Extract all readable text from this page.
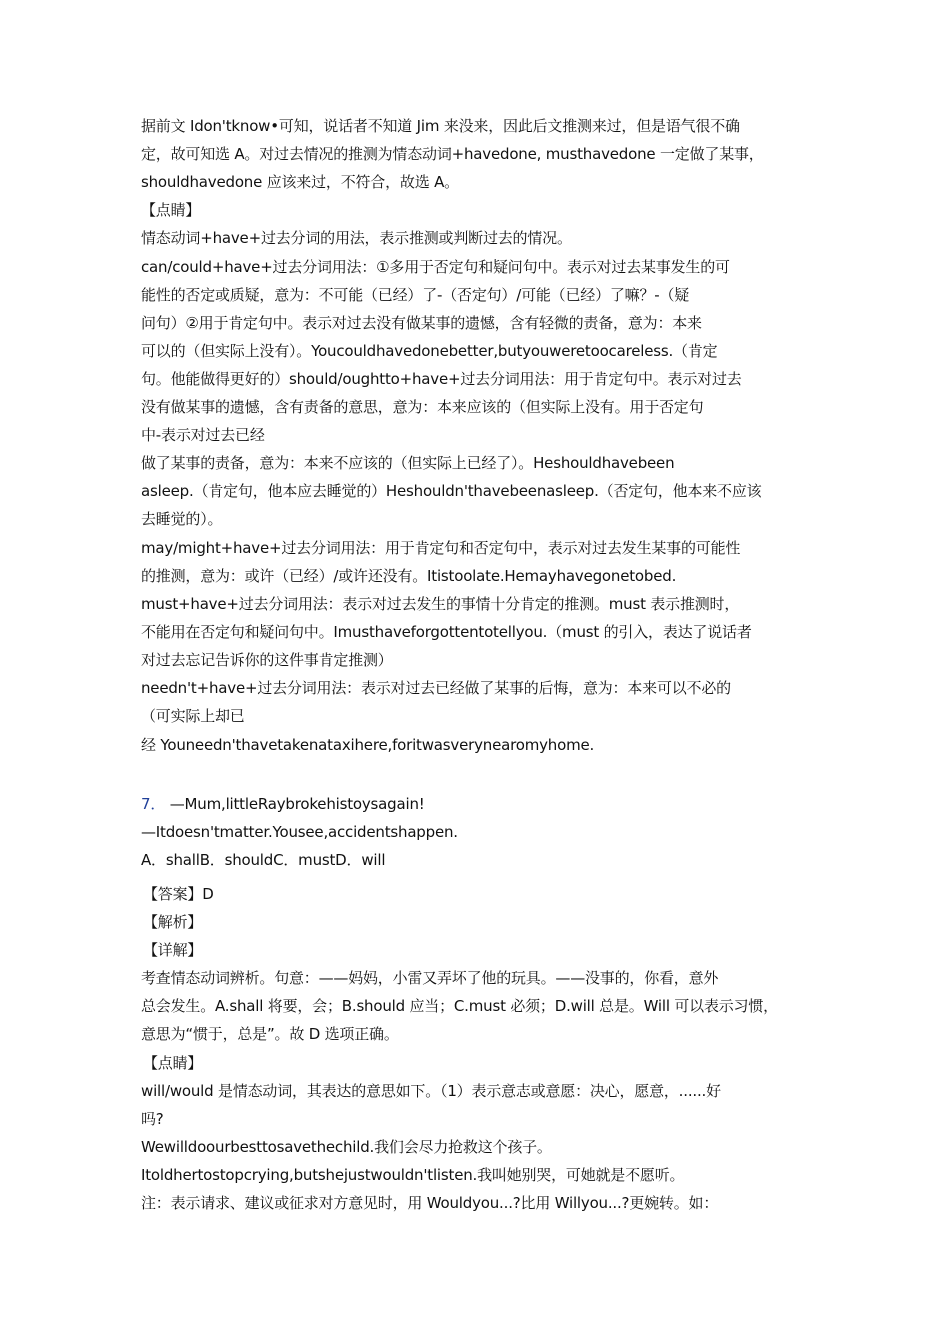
据前文 Idon'tknow•可知，说话者不知道 Jim 来没来，因此后文推测来过，但是语气很不确
定，故可知选 A。对过去情况的推测为情态动词+havedone, musthavedone 一定做了某事，
shouldhavedone 应该来过，不符合，故选 A。
【点睛】
情态动词+have+过去分词的用法，表示推测或判断过去的情况。
can/could+have+过去分词用法：①多用于否定句和疑问句中。表示对过去某事发生的可
能性的否定或质疑，意为：不可能（已经）了-（否定句）/可能（已经）了嘛？-（疑
问句）②用于肯定句中。表示对过去没有做某事的遗憾，含有轻微的责备，意为：本来
可以的（但实际上没有）。Youcouldhavedonebetter,butyouweretoocareless.（肯定
句。他能做得更好的）should/oughtto+have+过去分词用法：用于肯定句中。表示对过去
没有做某事的遗憾，含有责备的意思，意为：本来应该的（但实际上没有。用于否定句
中-表示对过去已经
做了某事的责备，意为：本来不应该的（但实际上已经了）。Heshouldhavebeen
asleep.（肯定句，他本应去睡觉的）Heshouldn'thavebeenasleep.（否定句，他本来不应该
去睡觉的）。
may/might+have+过去分词用法：用于肯定句和否定句中，表示对过去发生某事的可能性
的推测，意为：或许（已经）/或许还没有。Itistoolate.Hemayhavegonetobed.
must+have+过去分词用法：表示对过去发生的事情十分肯定的推测。must 表示推测时，
不能用在否定句和疑问句中。Imusthaveforgottentotellyou.（must 的引入，表达了说话者
对过去忘记告诉你的这件事肯定推测）
needn't+have+过去分词用法：表示对过去已经做了某事的后悔，意为：本来可以不必的
（可实际上却已
经 Youneedn'thavetakenataxihere,foritwasverynearomyhome.
7． —Mum,littleRaybrokehistoysagain!
—Itdoesn'tmatter.Yousee,accidentshappen.
A．shallB．shouldC．mustD．will
【答案】D
【解析】
【详解】
考查情态动词辨析。句意：——妈妈，小雷又弄坏了他的玩具。——没事的，你看，意外
总会发生。A.shall 将要，会；B.should 应当；C.must 必须；D.will 总是。Will 可以表示习惯，
意思为“惯于，总是”。故 D 选项正确。
【点睛】
will/would 是情态动词，其表达的意思如下。（1）表示意志或意愿：决心，愿意，......好
吗?
Wewilldoourbesttosavethechild.我们会尽力抢救这个孩子。
Itoldhertostopcrying,butshejustwouldn'tlisten.我叫她别哭，可她就是不愿听。
注：表示请求、建议或征求对方意见时，用 Wouldyou...?比用 Willyou...?更婉转。如：
